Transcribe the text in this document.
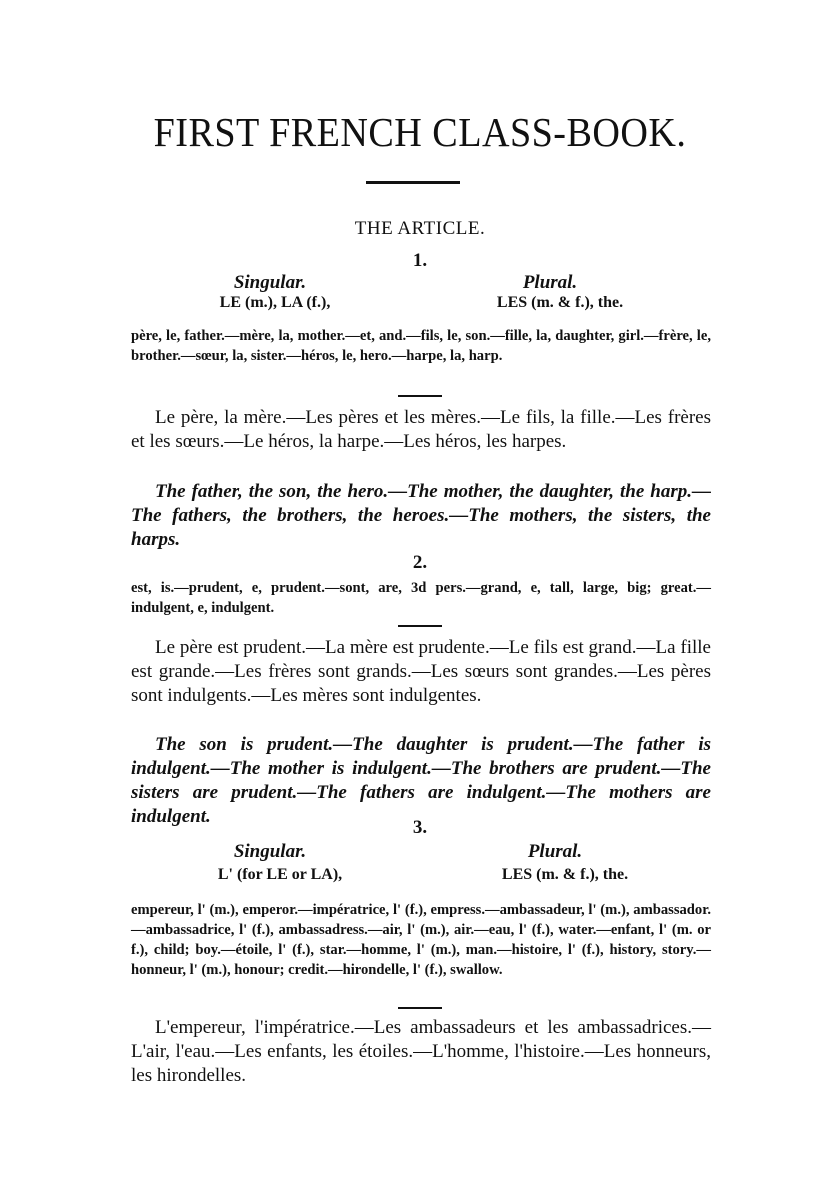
FIRST FRENCH CLASS-BOOK.
THE ARTICLE.
1.
Singular.	Plural.
LE (m.), LA (f.),	LES (m. & f.), the.

père, le, father.—mère, la, mother.—et, and.—fils, le, son.—fille, la, daughter, girl.—frère, le, brother.—sœur, la, sister.—héros, le, hero.—harpe, la, harp.

Le père, la mère.—Les pères et les mères.—Le fils, la fille.—Les frères et les sœurs.—Le héros, la harpe.—Les héros, les harpes.

The father, the son, the hero.—The mother, the daughter, the harp.—The fathers, the brothers, the heroes.—The mothers, the sisters, the harps.

2.

est, is.—prudent, e, prudent.—sont, are, 3d pers.—grand, e, tall, large, big; great.—indulgent, e, indulgent.

Le père est prudent.—La mère est prudente.—Le fils est grand.—La fille est grande.—Les frères sont grands.—Les sœurs sont grandes.—Les pères sont indulgents.—Les mères sont indulgentes.

The son is prudent.—The daughter is prudent.—The father is indulgent.—The mother is indulgent.—The brothers are prudent.—The sisters are prudent.—The fathers are indulgent.—The mothers are indulgent.

3.
Singular.	Plural.
L' (for LE or LA),	LES (m. & f.), the.

empereur, l' (m.), emperor.—impératrice, l' (f.), empress.—ambassadeur, l' (m.), ambassador.—ambassadrice, l' (f.), ambassadress.—air, l' (m.), air.—eau, l' (f.), water.—enfant, l' (m. or f.), child; boy.—étoile, l' (f.), star.—homme, l' (m.), man.—histoire, l' (f.), history, story.—honneur, l' (m.), honour; credit.—hirondelle, l' (f.), swallow.

L'empereur, l'impératrice.—Les ambassadeurs et les ambassadrices.—L'air, l'eau.—Les enfants, les étoiles.—L'homme, l'histoire.—Les honneurs, les hirondelles.
